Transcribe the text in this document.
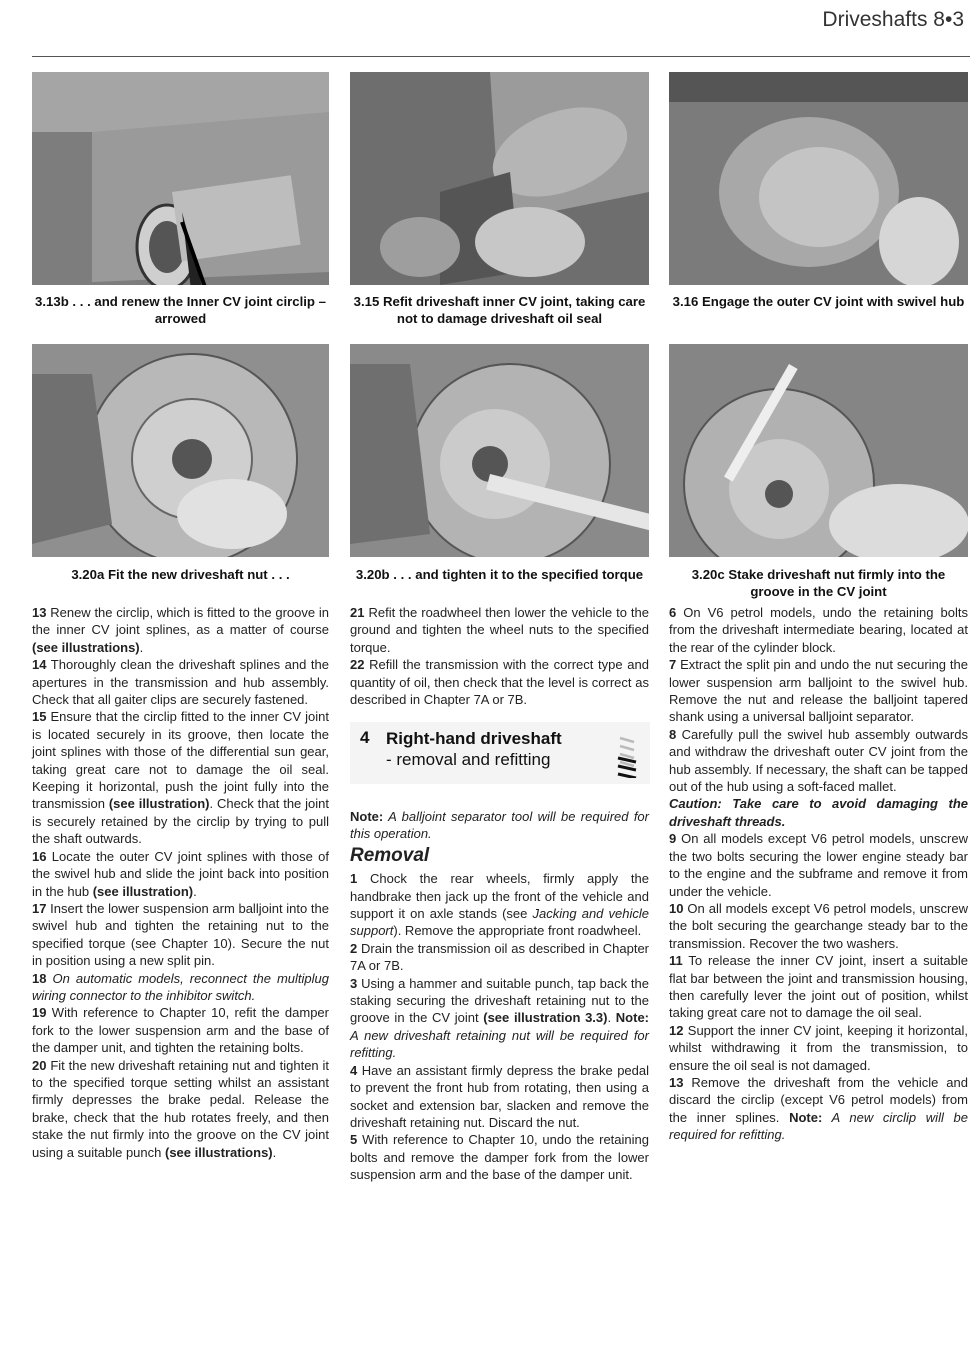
Driveshafts 8•3
3.13b . . . and renew the Inner CV joint circlip – arrowed
3.15 Refit driveshaft inner CV joint, taking care not to damage driveshaft oil seal
3.16 Engage the outer CV joint with swivel hub
3.20a Fit the new driveshaft nut . . .	3.20b . . . and tighten it to the specified torque	3.20c Stake driveshaft nut firmly into the groove in the CV joint

13 Renew the circlip, which is fitted to the groove in the inner CV joint splines, as a matter of course (see illustrations).

14 Thoroughly clean the driveshaft splines and the apertures in the transmission and hub assembly. Check that all gaiter clips are securely fastened.

15 Ensure that the circlip fitted to the inner CV joint is located securely in its groove, then locate the joint splines with those of the differential sun gear, taking great care not to damage the oil seal. Keeping it horizontal, push the joint fully into the transmission (see illustration). Check that the joint is securely retained by the circlip by trying to pull the shaft outwards.

16 Locate the outer CV joint splines with those of the swivel hub and slide the joint back into position in the hub (see illustration).

17 Insert the lower suspension arm balljoint into the swivel hub and tighten the retaining nut to the specified torque (see Chapter 10). Secure the nut in position using a new split pin.

18 On automatic models, reconnect the multiplug wiring connector to the inhibitor switch.

19 With reference to Chapter 10, refit the damper fork to the lower suspension arm and the base of the damper unit, and tighten the retaining bolts.

20 Fit the new driveshaft retaining nut and tighten it to the specified torque setting whilst an assistant firmly depresses the brake pedal. Release the brake, check that the hub rotates freely, and then stake the nut firmly into the groove on the CV joint using a suitable punch (see illustrations).

21 Refit the roadwheel then lower the vehicle to the ground and tighten the wheel nuts to the specified torque.

22 Refill the transmission with the correct type and quantity of oil, then check that the level is correct as described in Chapter 7A or 7B.

4 Right-hand driveshaft
- removal and refitting

Note: A balljoint separator tool will be required for this operation.

Removal

1 Chock the rear wheels, firmly apply the handbrake then jack up the front of the vehicle and support it on axle stands (see Jacking and vehicle support). Remove the appropriate front roadwheel.

2 Drain the transmission oil as described in Chapter 7A or 7B.

3 Using a hammer and suitable punch, tap back the staking securing the driveshaft retaining nut to the groove in the CV joint (see illustration 3.3). Note: A new driveshaft retaining nut will be required for refitting.

4 Have an assistant firmly depress the brake pedal to prevent the front hub from rotating, then using a socket and extension bar, slacken and remove the driveshaft retaining nut. Discard the nut.

5 With reference to Chapter 10, undo the retaining bolts and remove the damper fork from the lower suspension arm and the base of the damper unit.

6 On V6 petrol models, undo the retaining bolts from the driveshaft intermediate bearing, located at the rear of the cylinder block.

7 Extract the split pin and undo the nut securing the lower suspension arm balljoint to the swivel hub. Remove the nut and release the balljoint tapered shank using a universal balljoint separator.

8 Carefully pull the swivel hub assembly outwards and withdraw the driveshaft outer CV joint from the hub assembly. If necessary, the shaft can be tapped out of the hub using a soft-faced mallet.

Caution: Take care to avoid damaging the driveshaft threads.

9 On all models except V6 petrol models, unscrew the two bolts securing the lower engine steady bar to the engine and the subframe and remove it from under the vehicle.

10 On all models except V6 petrol models, unscrew the bolt securing the gearchange steady bar to the transmission. Recover the two washers.

11 To release the inner CV joint, insert a suitable flat bar between the joint and transmission housing, then carefully lever the joint out of position, whilst taking great care not to damage the oil seal.

12 Support the inner CV joint, keeping it horizontal, whilst withdrawing it from the transmission, to ensure the oil seal is not damaged.

13 Remove the driveshaft from the vehicle and discard the circlip (except V6 petrol models) from the inner splines. Note: A new circlip will be required for refitting.
